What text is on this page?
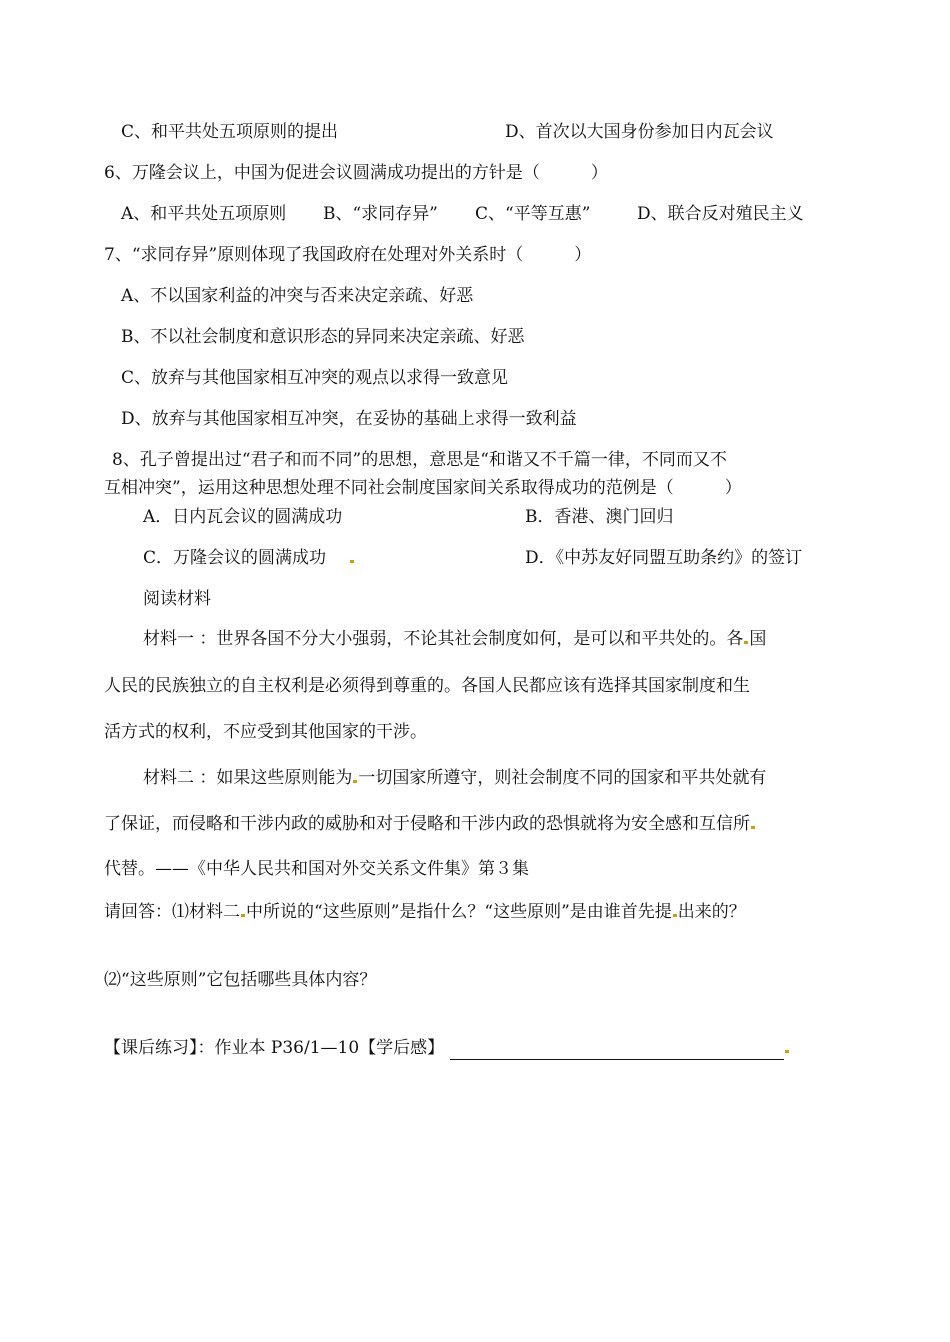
C、和平共处五项原则的提出	D、首次以大国身份参加日内瓦会议
6、万隆会议上，中国为促进会议圆满成功提出的方针是（　　　）
A、和平共处五项原则 B、“求同存异” C、“平等互惠”	D、联合反对殖民主义
7、“求同存异”原则体现了我国政府在处理对外关系时（　　　）
A、不以国家利益的冲突与否来决定亲疏、好恶
B、不以社会制度和意识形态的异同来决定亲疏、好恶
C、放弃与其他国家相互冲突的观点以求得一致意见
D、放弃与其他国家相互冲突，在妥协的基础上求得一致利益
8、孔子曾提出过“君子和而不同”的思想，意思是“和谐又不千篇一律，不同而又不
互相冲突”，运用这种思想处理不同社会制度国家间关系取得成功的范例是（　　　）
A．日内瓦会议的圆满成功	B．香港、澳门回归
C．万隆会议的圆满成功	D．《中苏友好同盟互助条约》的签订
阅读材料
材料一 ：世界各国不分大小强弱，不论其社会制度如何，是可以和平共处的。各 国
人民的民族独立的自主权利是必须得到尊重的。各国人民都应该有选择其国家制度和生
活方式的权利，不应受到其他国家的干涉。
材料二 ：如果这些原则能为 一切国家所遵守，则社会制度不同的国家和平共处就有
了保证，而侵略和干涉内政的威胁和对于侵略和干涉内政的恐惧就将为安全感和互信所
代替。——《中华人民共和国对外交关系文件集》第３集
请回答：⑴材料二 中所说的“这些原则”是指什么？“这些原则”是由谁首先提 出来的？
⑵“这些原则”它包括哪些具体内容？
【课后练习】：作业本 P36/1—10【学后感】
